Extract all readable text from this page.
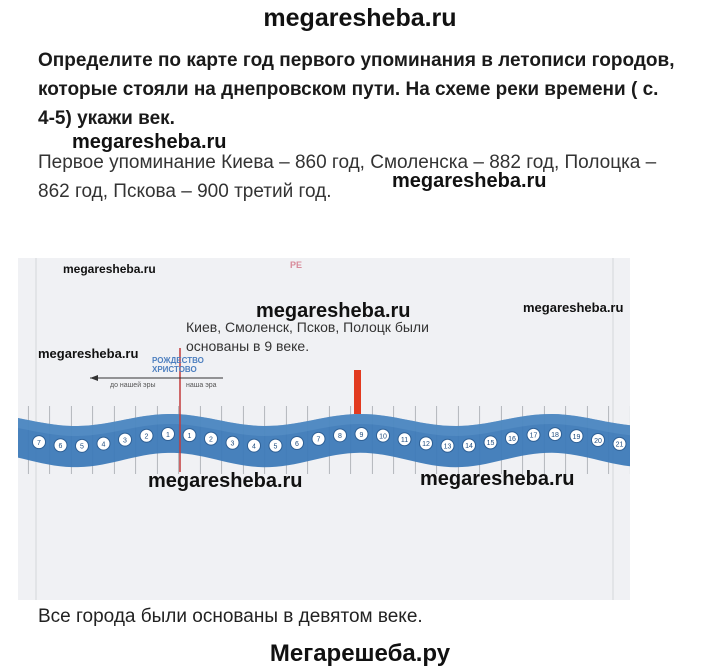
megaresheba.ru
Определите по карте год первого упоминания в летописи городов, которые стояли на днепровском пути. На схеме реки времени ( с. 4-5) укажи век.
megaresheba.ru
Первое упоминание Киева – 860 год, Смоленска – 882 год, Полоцка – 862 год, Пскова – 900 третий год.	megaresheba.ru
7	6	5	4
3
2	1	1	2
3	4	5	6
7
8	9 10
11
12 13 14 15
16 17 18 19
20
21
РЕ
megaresheba.ru
megaresheba.ru	megaresheba.ru
megaresheba.ru
Киев, Смоленск, Псков, Полоцк были основаны в 9 веке.
РОЖДЕСТВО ХРИСТОВО
до нашей эры	наша эра
megaresheba.ru	megaresheba.ru
Все города были основаны в девятом веке.
Мегарешеба.ру
